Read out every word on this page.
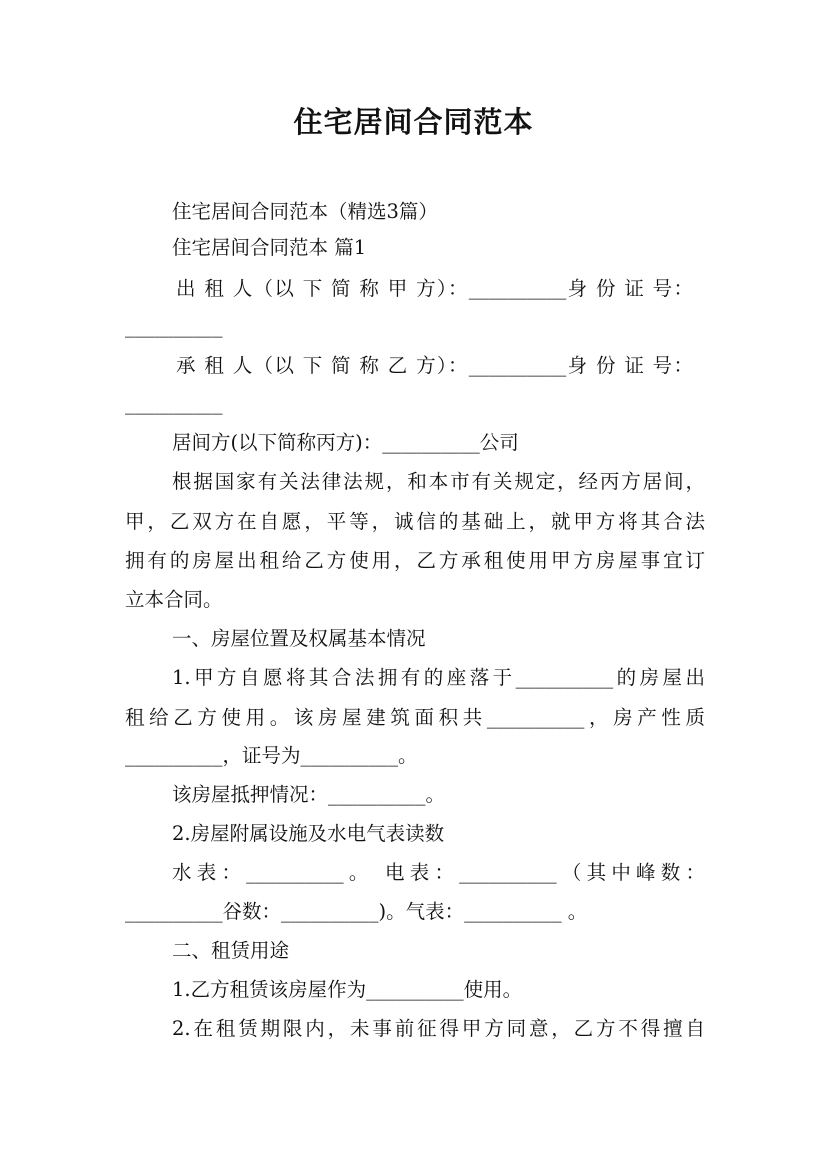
住宅居间合同范本
住宅居间合同范本（精选3篇）
住宅居间合同范本 篇1
出 租 人（以 下 简 称 甲 方）：__________身 份 证 号：
__________
承 租 人（以 下 简 称 乙 方）：__________身 份 证 号：
__________
居间方(以下简称丙方)：__________公司
根据国家有关法律法规，和本市有关规定，经丙方居间，
甲，乙双方在自愿，平等，诚信的基础上，就甲方将其合法
拥有的房屋出租给乙方使用，乙方承租使用甲方房屋事宜订
立本合同。
一、房屋位置及权属基本情况
1.甲方自愿将其合法拥有的座落于__________的房屋出
租给乙方使用。该房屋建筑面积共__________，房产性质
__________，证号为__________。
该房屋抵押情况：__________。
2.房屋附属设施及水电气表读数
水表：__________。 电表：__________（其中峰数：
__________谷数：__________)。气表：__________ 。
二、租赁用途
1.乙方租赁该房屋作为__________使用。
2.在租赁期限内，未事前征得甲方同意，乙方不得擅自
